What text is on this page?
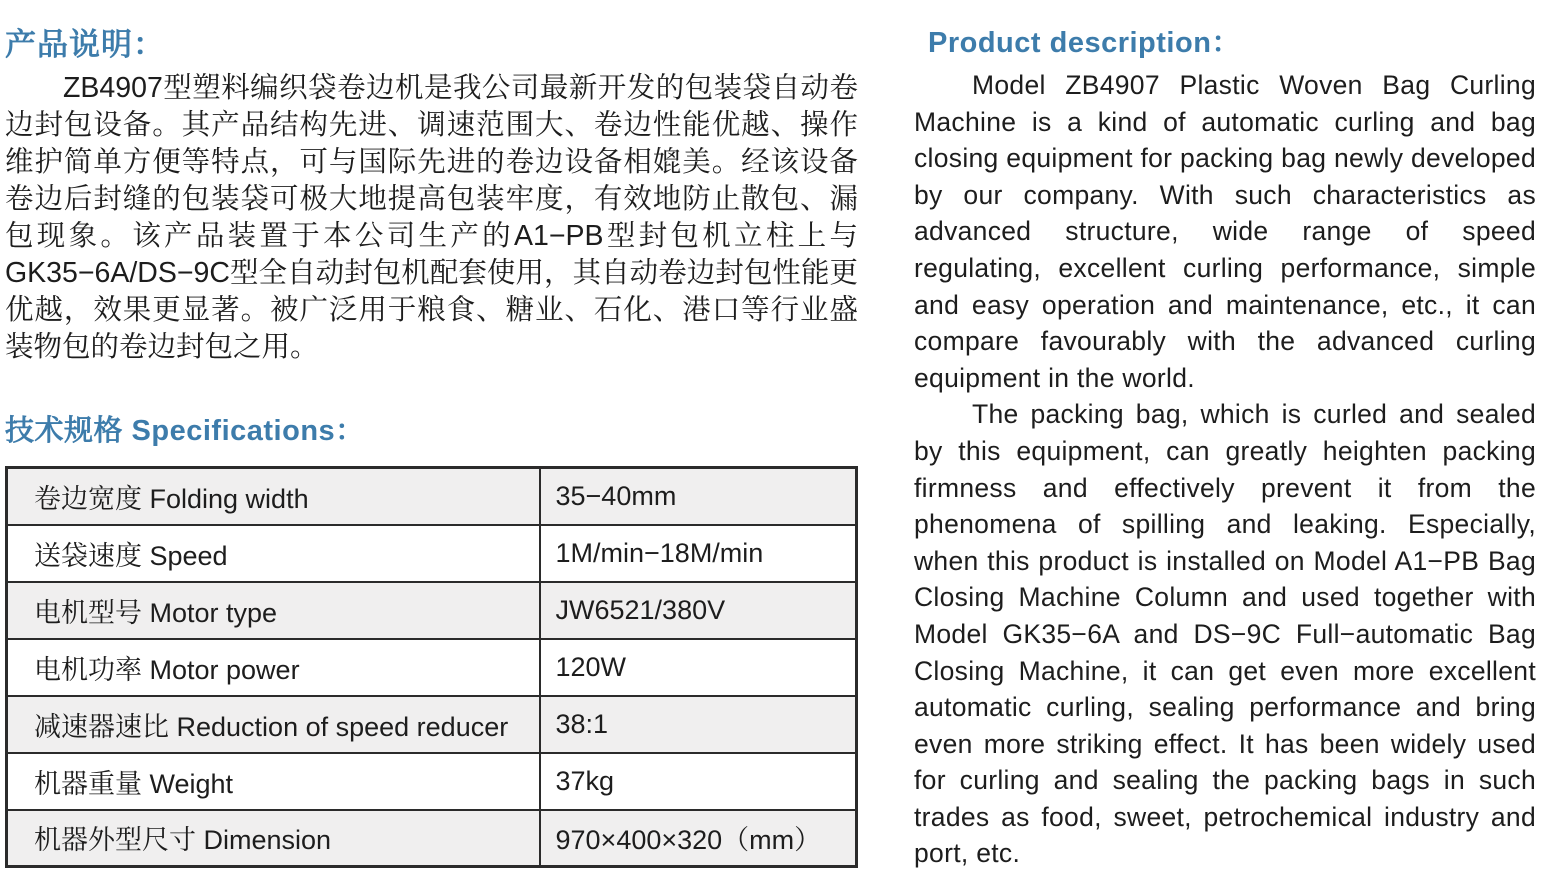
产品说明：

ZB4907型塑料编织袋卷边机是我公司最新开发的包装袋自动卷边封包设备。其产品结构先进、调速范围大、卷边性能优越、操作维护简单方便等特点，可与国际先进的卷边设备相媲美。经该设备卷边后封缝的包装袋可极大地提高包装牢度，有效地防止散包、漏包现象。该产品装置于本公司生产的A1−PB型封包机立柱上与GK35−6A/DS−9C型全自动封包机配套使用，其自动卷边封包性能更优越，效果更显著。被广泛用于粮食、糖业、石化、港口等行业盛装物包的卷边封包之用。

技术规格 Specifications：
卷边宽度 Folding width	35−40mm
送袋速度 Speed	1M/min−18M/min
电机型号 Motor type	JW6521/380V
电机功率 Motor power	120W
减速器速比 Reduction of speed reducer	38:1
机器重量 Weight	37kg
机器外型尺寸 Dimension	970×400×320（mm）
Product description：

Model ZB4907 Plastic Woven Bag Curling Machine is a kind of automatic curling and bag closing equipment for packing bag newly developed by our company. With such characteristics as advanced structure, wide range of speed regulating, excellent curling performance, simple and easy operation and maintenance, etc., it can compare favourably with the advanced curling equipment in the world.

The packing bag, which is curled and sealed by this equipment, can greatly heighten packing firmness and effectively prevent it from the phenomena of spilling and leaking. Especially, when this product is installed on Model A1−PB Bag Closing Machine Column and used together with Model GK35−6A and DS−9C Full−automatic Bag Closing Machine, it can get even more excellent automatic curling, sealing performance and bring even more striking effect. It has been widely used for curling and sealing the packing bags in such trades as food, sweet, petrochemical industry and port, etc.
